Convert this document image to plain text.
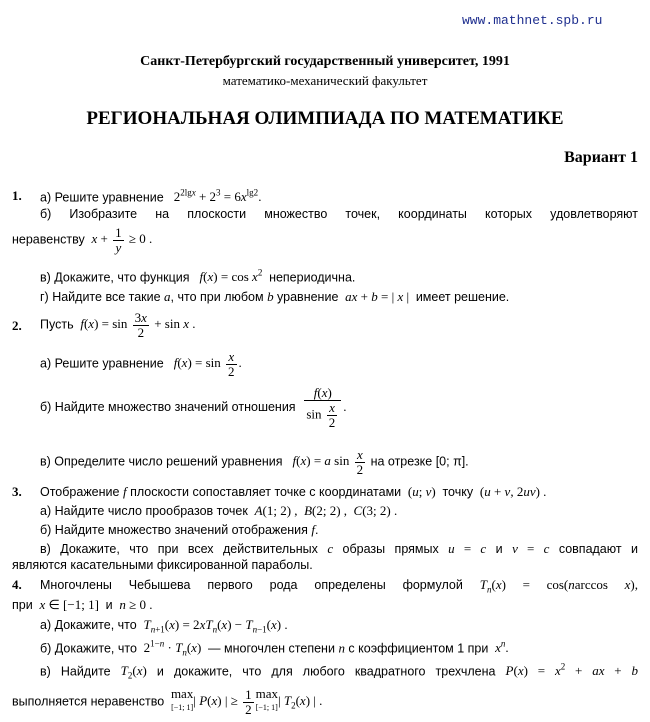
www.mathnet.spb.ru
Санкт-Петербургский государственный университет, 1991
математико-механический факультет
РЕГИОНАЛЬНАЯ ОЛИМПИАДА ПО МАТЕМАТИКЕ
Вариант 1
1. а) Решите уравнение   $2^{2lgx} + 2^3 = 6x^{lg2}$.
б) Изобразите на плоскости множество точек, координаты которых удовлетворяют
неравенству $x + \frac{1}{y} \ge 0$ .
в) Докажите, что функция $f(x) = \cos x^2$ непериодична.
г) Найдите все такие a, что при любом b уравнение ax + b = | x |  имеет решение.
2. Пусть $f(x) = \sin \frac{3x}{2} + \sin x$ .
а) Решите уравнение $f(x) = \sin \frac{x}{2}$ .
б) Найдите множество значений отношения $\frac{f(x)}{\sin \frac{x}{2}}$ .
в) Определите число решений уравнения f(x) = a $\sin \frac{x}{2}$ на отрезке [0; π].
3. Отображение f плоскости сопоставляет точке с координатами  (u; v)  точку  (u + v, 2uv) .
а) Найдите число прообразов точек A(1; 2) ,  B(2; 2) ,  C(3; 2) .
б) Найдите множество значений отображения f.
в) Докажите, что при всех действительных c образы прямых u = c и v = c совпадают и
являются касательными фиксированной параболы.
4. Многочлены Чебышева первого рода определены формулой $T_n(x) = \cos(narccos$ x),
при x ∈ [−1; 1]  и n ≥ 0 .
а) Докажите, что $T_{n+1}(x) = 2xT_n(x) - T_{n-1}(x)$ .
б) Докажите, что  $2^{1-n} \cdot T_n(x)$  — многочлен степени n с коэффициентом 1 при $x^n$.
в) Найдите $T_2(x)$ и докажите, что для любого квадратного трехчлена $P(x) = x^2$ + ax + b
выполняется неравенство  max
[−1; 1]| P(x) | ≥ $\frac{1}{2}$ max
[−1; 1]| $T_2(x)$ | .
